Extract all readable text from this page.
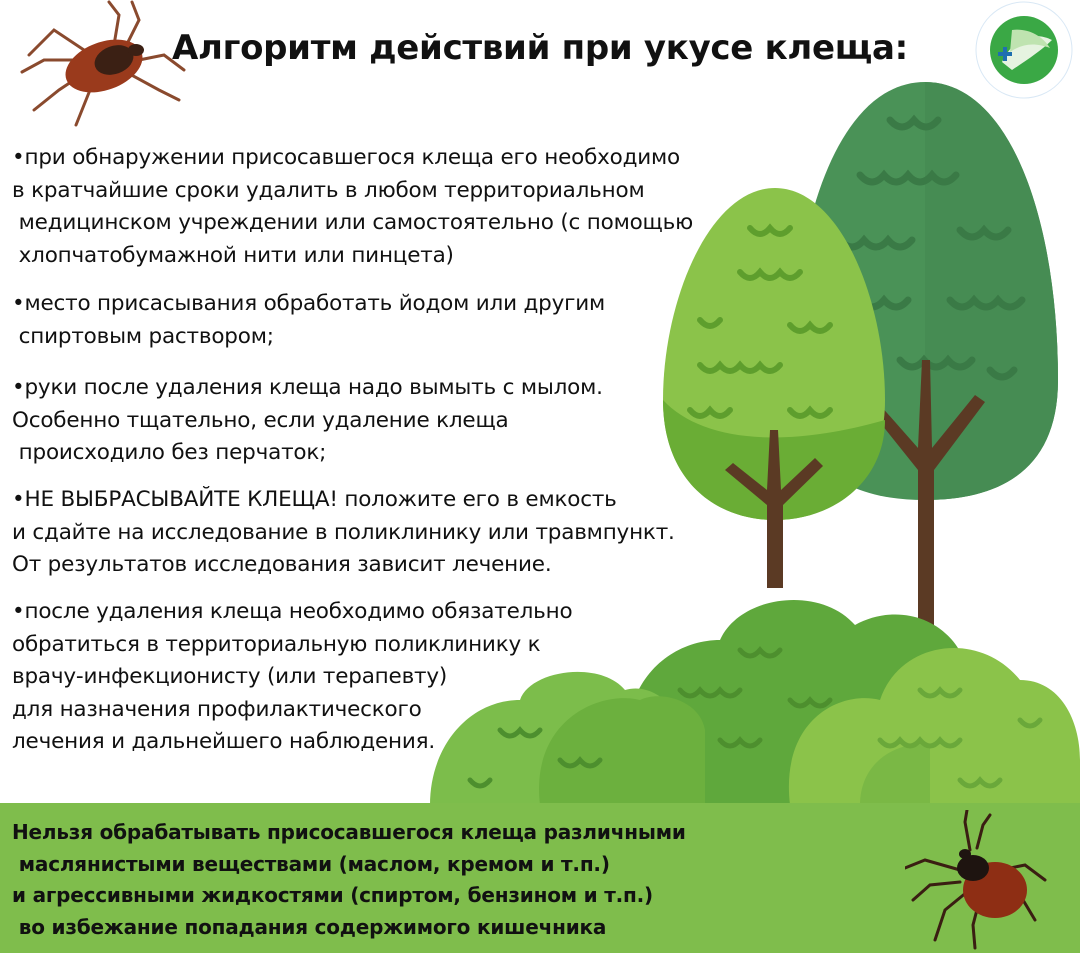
Алгоритм действий при укусе клеща:
•при обнаружении присосавшегося клеща его необходимо
в кратчайшие сроки удалить в любом территориальном
медицинском учреждении или самостоятельно (с помощью
хлопчатобумажной нити или пинцета)
•место присасывания обработать йодом или другим
спиртовым раствором;
•руки после удаления клеща надо вымыть с мылом.
Особенно тщательно, если удаление клеща
происходило без перчаток;
•НЕ ВЫБРАСЫВАЙТЕ КЛЕЩА! положите его в емкость
и сдайте на исследование в поликлинику или травмпункт.
От результатов исследования зависит лечение.
•после удаления клеща необходимо обязательно
обратиться в территориальную поликлинику к
врачу-инфекционисту (или терапевту)
для назначения профилактического
лечения и дальнейшего наблюдения.
Нельзя обрабатывать присосавшегося клеща различными
маслянистыми веществами (маслом, кремом и т.п.)
и агрессивными жидкостями (спиртом, бензином и т.п.)
во избежание попадания содержимого кишечника
